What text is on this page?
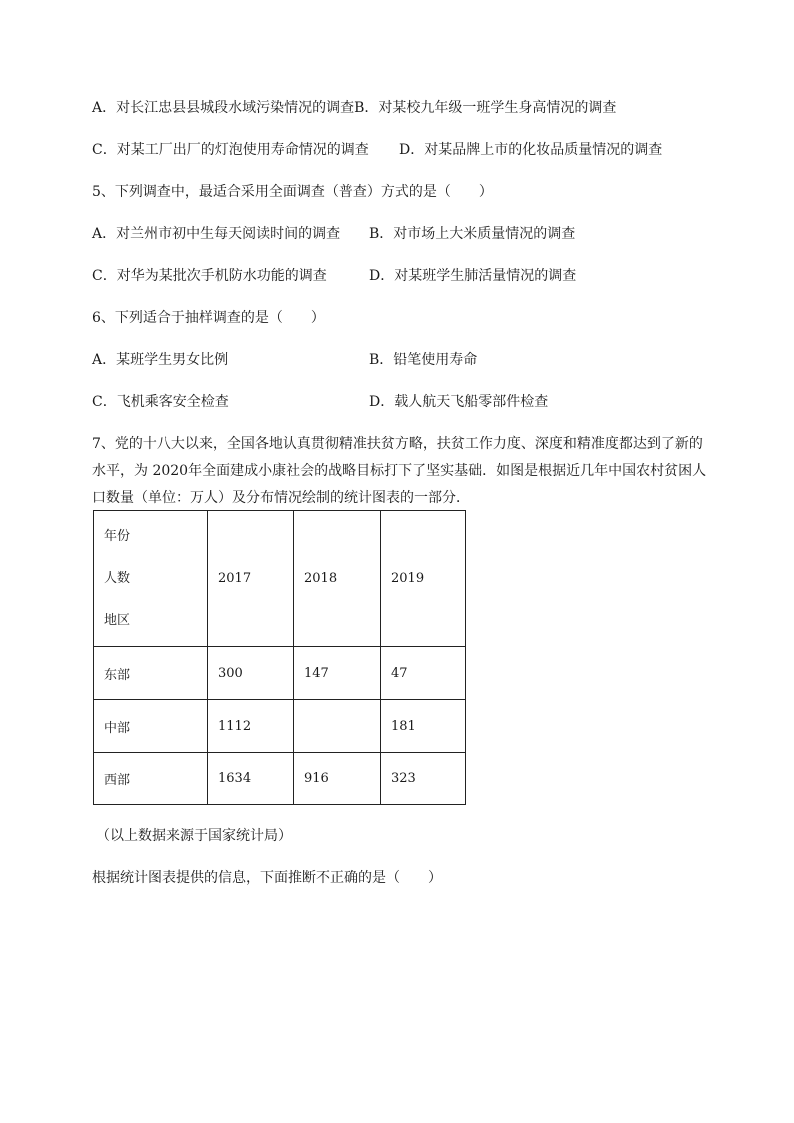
A．对长江忠县县城段水域污染情况的调查B．对某校九年级一班学生身高情况的调查
C．对某工厂出厂的灯泡使用寿命情况的调查 D．对某品牌上市的化妆品质量情况的调查
5、下列调查中，最适合采用全面调查（普查）方式的是（　　）
A．对兰州市初中生每天阅读时间的调查 B．对市场上大米质量情况的调查
C．对华为某批次手机防水功能的调查	D．对某班学生肺活量情况的调查
6、下列适合于抽样调查的是（　　）
A．某班学生男女比例	B．铅笔使用寿命
C．飞机乘客安全检查	D．载人航天飞船零部件检查
7、党的十八大以来，全国各地认真贯彻精准扶贫方略，扶贫工作力度、深度和精准度都达到了新的
水平，为 2020年全面建成小康社会的战略目标打下了坚实基础．如图是根据近几年中国农村贫困人
口数量（单位：万人）及分布情况绘制的统计图表的一部分．
年份
人数
地区	2017	2018	2019
东部	300	147	47
中部	1112		181
西部	1634	916	323
（以上数据来源于国家统计局）
根据统计图表提供的信息，下面推断不正确的是（　　）
